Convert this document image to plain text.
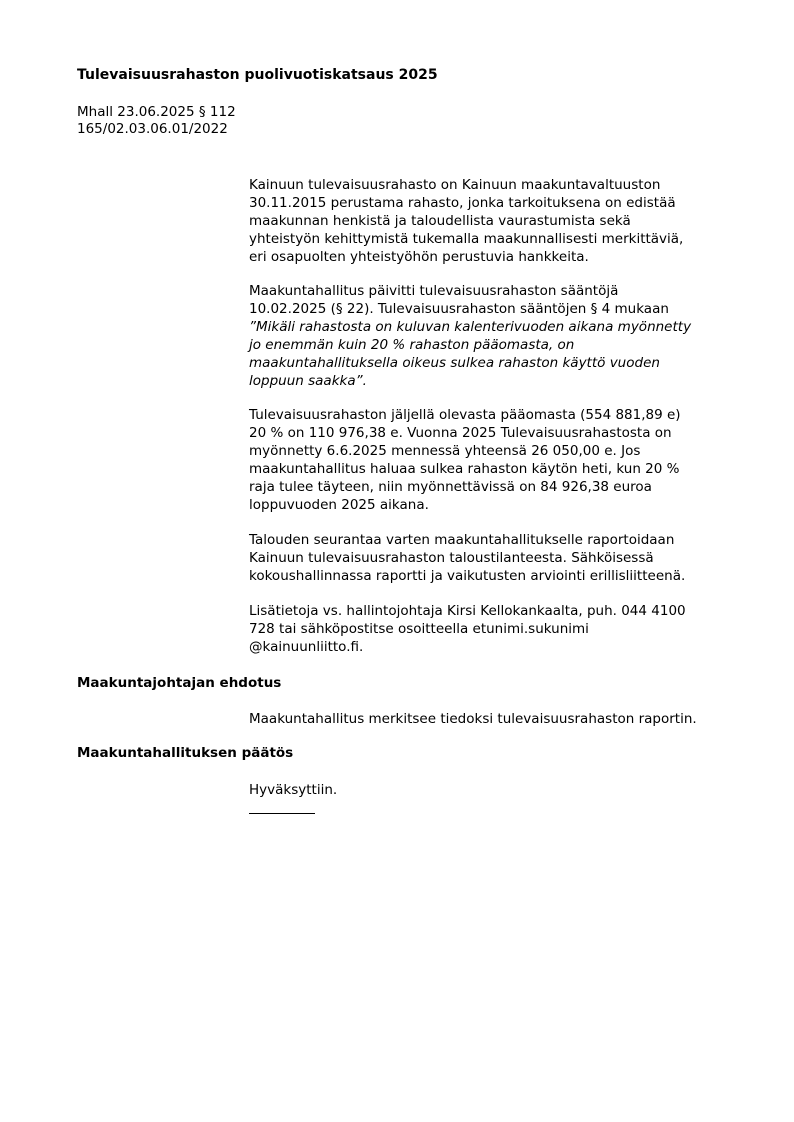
Tulevaisuusrahaston puolivuotiskatsaus 2025

Mhall 23.06.2025 § 112

165/02.03.06.01/2022

Kainuun tulevaisuusrahasto on Kainuun maakuntavaltuuston

30.11.2015 perustama rahasto, jonka tarkoituksena on edistää

maakunnan henkistä ja taloudellista vaurastumista sekä

yhteistyön kehittymistä tukemalla maakunnallisesti merkittäviä,

eri osapuolten yhteistyöhön perustuvia hankkeita.

Maakuntahallitus päivitti tulevaisuusrahaston sääntöjä

10.02.2025 (§ 22). Tulevaisuusrahaston sääntöjen § 4 mukaan

”Mikäli rahastosta on kuluvan kalenterivuoden aikana myönnetty

jo enemmän kuin 20 % rahaston pääomasta, on

maakuntahallituksella oikeus sulkea rahaston käyttö vuoden

loppuun saakka”.

Tulevaisuusrahaston jäljellä olevasta pääomasta (554 881,89 e)

20 % on 110 976,38 e. Vuonna 2025 Tulevaisuusrahastosta on

myönnetty 6.6.2025 mennessä yhteensä 26 050,00 e. Jos

maakuntahallitus haluaa sulkea rahaston käytön heti, kun 20 %

raja tulee täyteen, niin myönnettävissä on 84 926,38 euroa

loppuvuoden 2025 aikana.

Talouden seurantaa varten maakuntahallitukselle raportoidaan

Kainuun tulevaisuusrahaston taloustilanteesta. Sähköisessä

kokoushallinnassa raportti ja vaikutusten arviointi erillisliitteenä.

Lisätietoja vs. hallintojohtaja Kirsi Kellokankaalta, puh. 044 4100

728 tai sähköpostitse osoitteella etunimi.sukunimi

@kainuunliitto.fi.

Maakuntajohtajan ehdotus

Maakuntahallitus merkitsee tiedoksi tulevaisuusrahaston raportin.

Maakuntahallituksen päätös

Hyväksyttiin.
